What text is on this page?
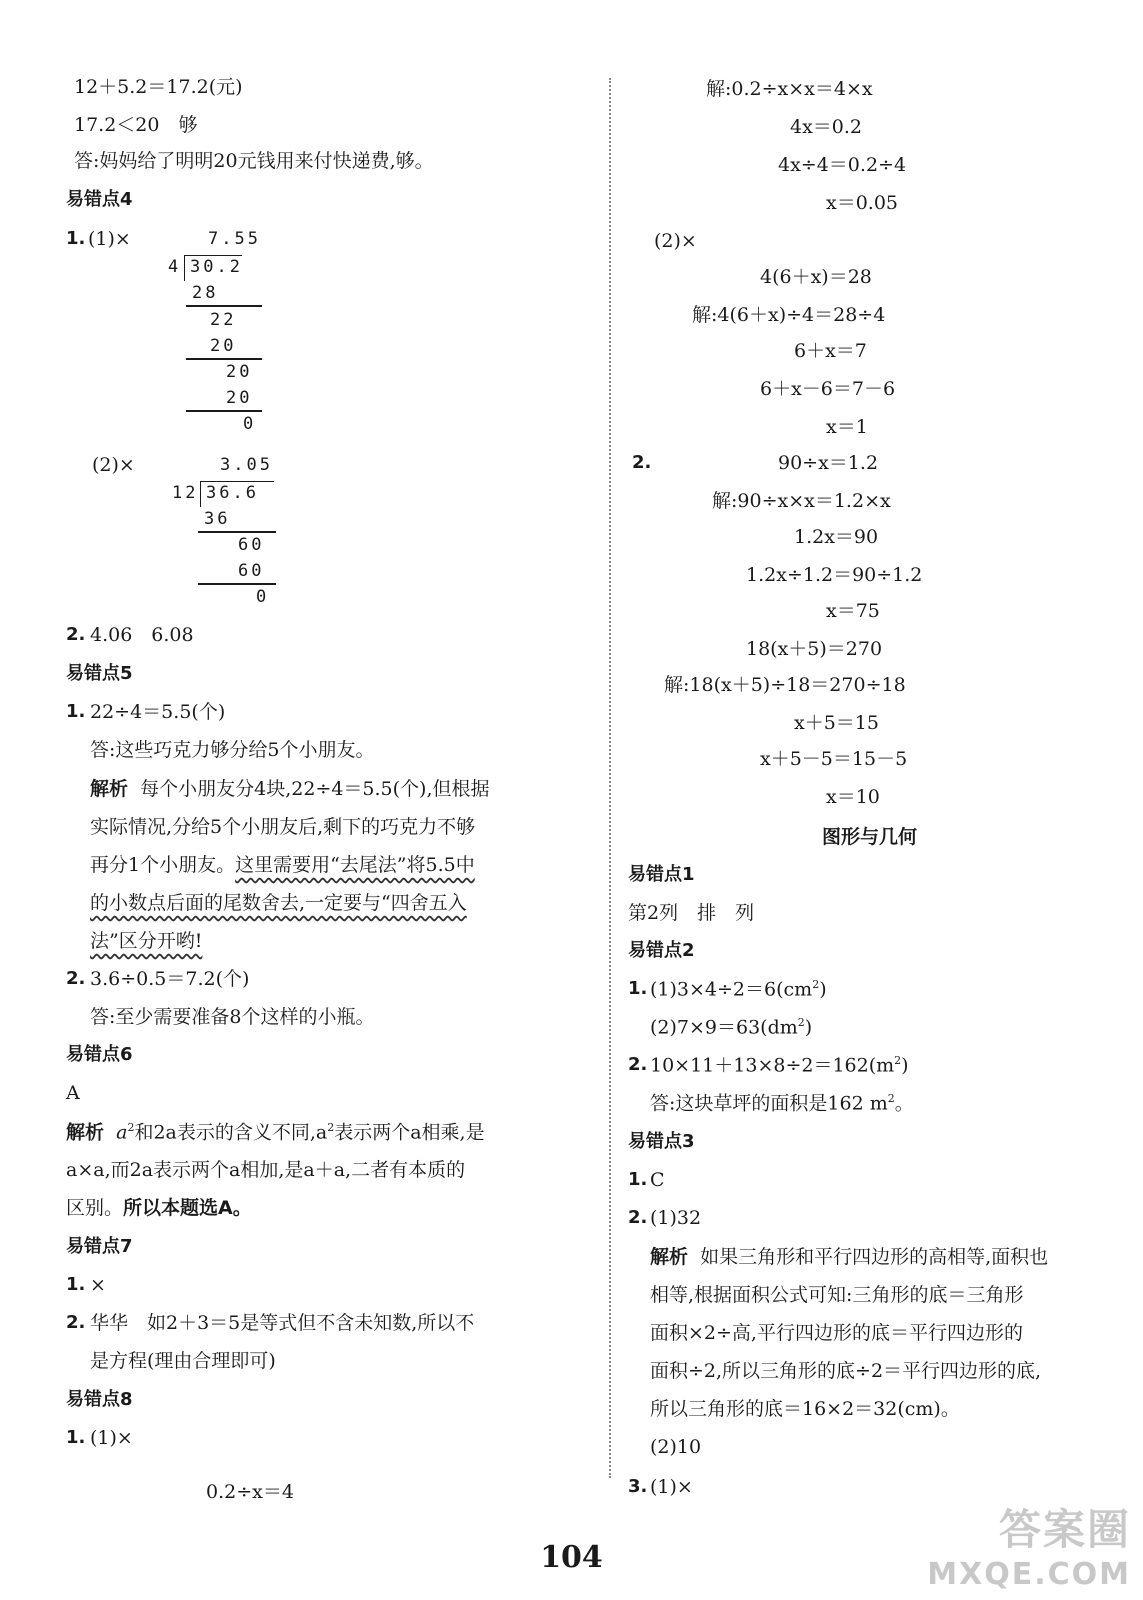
12＋5.2＝17.2(元)
17.2＜20　够
答:妈妈给了明明20元钱用来付快递费,够。
易错点4
1. (1)×	7.55
4 30.2
28
22
20
20
20
0
(2)×	3.05
12 36.6
36
60
60
0
2. 4.06　6.08
易错点5
1. 22÷4＝5.5(个)
答:这些巧克力够分给5个小朋友。
解析 每个小朋友分4块,22÷4＝5.5(个),但根据
实际情况,分给5个小朋友后,剩下的巧克力不够
再分1个小朋友。这里需要用“去尾法”将5.5中
的小数点后面的尾数舍去,一定要与“四舍五入
法”区分开哟!
2. 3.6÷0.5＝7.2(个)
答:至少需要准备8个这样的小瓶。
易错点6
A
解析 $a^2$和2a表示的含义不同$,a^2$表示两个a相乘,是
a×a,而2a表示两个a相加,是a＋a,二者有本质的
区别。所以本题选A。
易错点7
1. ×
2. 华华　如2＋3＝5是等式但不含未知数,所以不
是方程(理由合理即可)
易错点8
1. (1)×
0.2÷x＝4
解:0.2÷x×x＝4×x
4x＝0.2
4x÷4＝0.2÷4
x＝0.05
(2)×
4(6＋x)＝28
解:4(6＋x)÷4＝28÷4
6＋x＝7
6＋x－6＝7－6
x＝1
2.	90÷x＝1.2
解:90÷x×x＝1.2×x
1.2x＝90
1.2x÷1.2＝90÷1.2
x＝75
18(x＋5)＝270
解:18(x＋5)÷18＝270÷18
x＋5＝15
x＋5－5＝15－5
x＝10
图形与几何
易错点1
第2列　排　列
易错点2
1. $(1)3\times 4\div 2=6(cm^2)$
$(2)7\times 9=63(dm^2)$
2. $10\times 11+13\times 8\div 2=162(m^2)$
答:这块草坪的面积是162 $m^2$。
易错点3
1. C
2. (1)32
解析 如果三角形和平行四边形的高相等,面积也
相等,根据面积公式可知:三角形的底＝三角形
面积×2÷高,平行四边形的底＝平行四边形的
面积÷2,所以三角形的底÷2＝平行四边形的底,
所以三角形的底＝16×2＝32(cm)。
(2)10
3. (1)×
104
答案圈
MXQE.COM
